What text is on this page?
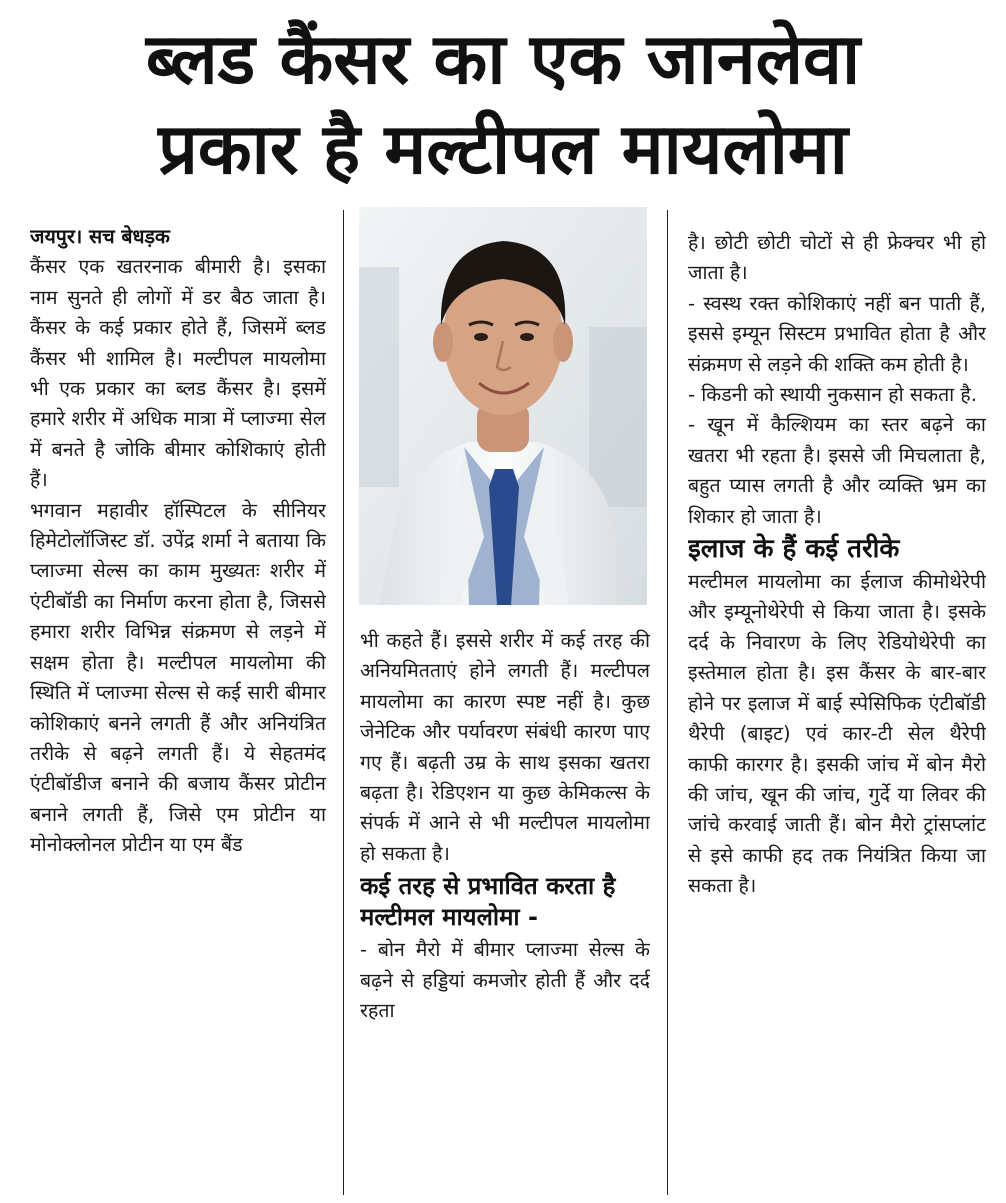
ब्लड कैंसर का एक जानलेवा
प्रकार है मल्टीपल मायलोमा

जयपुर। सच बेधड़क

कैंसर एक खतरनाक बीमारी है। इसका नाम सुनते ही लोगों में डर बैठ जाता है। कैंसर के कई प्रकार होते हैं, जिसमें ब्लड कैंसर भी शामिल है। मल्टीपल मायलोमा भी एक प्रकार का ब्लड कैंसर है। इसमें हमारे शरीर में अधिक मात्रा में प्लाज्मा सेल में बनते है जोकि बीमार कोशिकाएं होती हैं।

भगवान महावीर हॉस्पिटल के सीनियर हिमेटोलॉजिस्ट डॉ. उपेंद्र शर्मा ने बताया कि प्लाज्मा सेल्स का काम मुख्यतः शरीर में एंटीबॉडी का निर्माण करना होता है, जिससे हमारा शरीर विभिन्न संक्रमण से लड़ने में सक्षम होता है। मल्टीपल मायलोमा की स्थिति में प्लाज्मा सेल्स से कई सारी बीमार कोशिकाएं बनने लगती हैं और अनियंत्रित तरीके से बढ़ने लगती हैं। ये सेहतमंद एंटीबॉडीज बनाने की बजाय कैंसर प्रोटीन बनाने लगती हैं, जिसे एम प्रोटीन या मोनोक्लोनल प्रोटीन या एम बैंड

भी कहते हैं। इससे शरीर में कई तरह की अनियमितताएं होने लगती हैं। मल्टीपल मायलोमा का कारण स्पष्ट नहीं है। कुछ जेनेटिक और पर्यावरण संबंधी कारण पाए गए हैं। बढ़ती उम्र के साथ इसका खतरा बढ़ता है। रेडिएशन या कुछ केमिकल्स के संपर्क में आने से भी मल्टीपल मायलोमा हो सकता है।

कई तरह से प्रभावित करता है मल्टीमल मायलोमा -

- बोन मैरो में बीमार प्लाज्मा सेल्स के बढ़ने से हड्डियां कमजोर होती हैं और दर्द रहता

है। छोटी छोटी चोटों से ही फ्रेक्चर भी हो जाता है।

- स्वस्थ रक्त कोशिकाएं नहीं बन पाती हैं, इससे इम्यून सिस्टम प्रभावित होता है और संक्रमण से लड़ने की शक्ति कम होती है।

- किडनी को स्थायी नुकसान हो सकता है.

- खून में कैल्शियम का स्तर बढ़ने का खतरा भी रहता है। इससे जी मिचलाता है, बहुत प्यास लगती है और व्यक्ति भ्रम का शिकार हो जाता है।

इलाज के हैं कई तरीके

मल्टीमल मायलोमा का ईलाज कीमोथेरेपी और इम्यूनोथेरेपी से किया जाता है। इसके दर्द के निवारण के लिए रेडियोथेरेपी का इस्तेमाल होता है। इस कैंसर के बार-बार होने पर इलाज में बाई स्पेसिफिक एंटीबॉडी थैरेपी (बाइट) एवं कार-टी सेल थैरेपी काफी कारगर है। इसकी जांच में बोन मैरो की जांच, खून की जांच, गुर्दे या लिवर की जांचे करवाई जाती हैं। बोन मैरो ट्रांसप्लांट से इसे काफी हद तक नियंत्रित किया जा सकता है।
